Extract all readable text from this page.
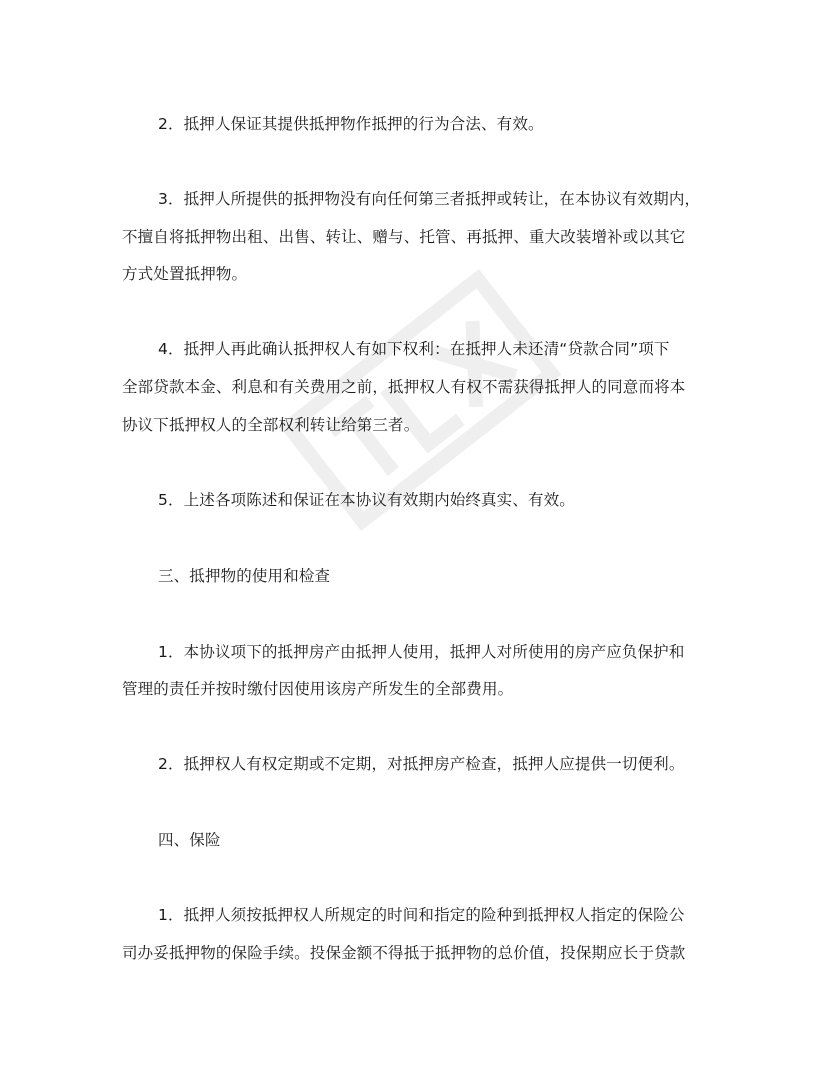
2．抵押人保证其提供抵押物作抵押的行为合法、有效。
3．抵押人所提供的抵押物没有向任何第三者抵押或转让，在本协议有效期内，
不擅自将抵押物出租、出售、转让、赠与、托管、再抵押、重大改装增补或以其它
方式处置抵押物。
4．抵押人再此确认抵押权人有如下权利：在抵押人未还清“贷款合同”项下
全部贷款本金、利息和有关费用之前，抵押权人有权不需获得抵押人的同意而将本
协议下抵押权人的全部权利转让给第三者。
5．上述各项陈述和保证在本协议有效期内始终真实、有效。
三、抵押物的使用和检查
1．本协议项下的抵押房产由抵押人使用，抵押人对所使用的房产应负保护和
管理的责任并按时缴付因使用该房产所发生的全部费用。
2．抵押权人有权定期或不定期，对抵押房产检查，抵押人应提供一切便利。
四、保险
1．抵押人须按抵押权人所规定的时间和指定的险种到抵押权人指定的保险公
司办妥抵押物的保险手续。投保金额不得抵于抵押物的总价值，投保期应长于贷款
